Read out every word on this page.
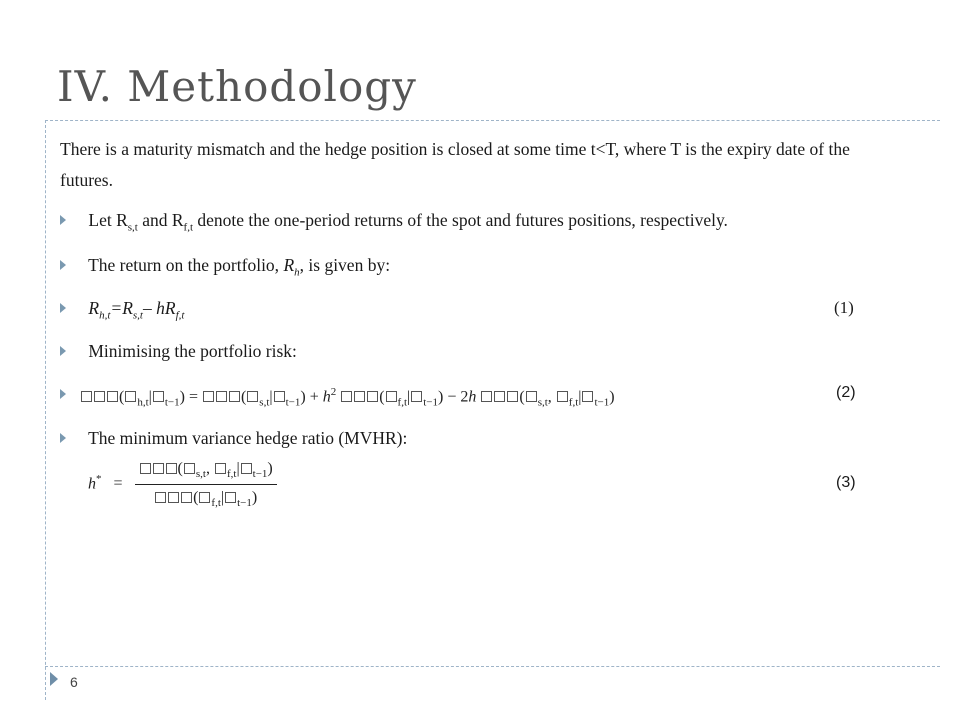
IV. Methodology
There is a maturity mismatch and the hedge position is closed at some time t<T, where T is the expiry date of the futures.
Let $R_{s,t}$ and $R_{f,t}$ denote the one-period returns of the spot and futures positions, respectively.
The return on the portfolio, $R_h$, is given by:
$R_{h,t}=R_{s,t}-$ $hR_{f,t}$	(1)
Minimising the portfolio risk:
( $_{h,t}$| $_{t-1}$) = ( $_{s,t}$| $_{t-1}) + h^2$	( $_{f,t}$| $_{t-1}$) − 2h	( $_{s,t}$, $_{f,t}$| $_{t-1}$)	(2)
The minimum variance hedge ratio (MVHR):
$h^* = \frac{( _{s,t}, _{f,t}| _{t-1})}{( _{f,t}| _{t-1})}$	(3)
6
